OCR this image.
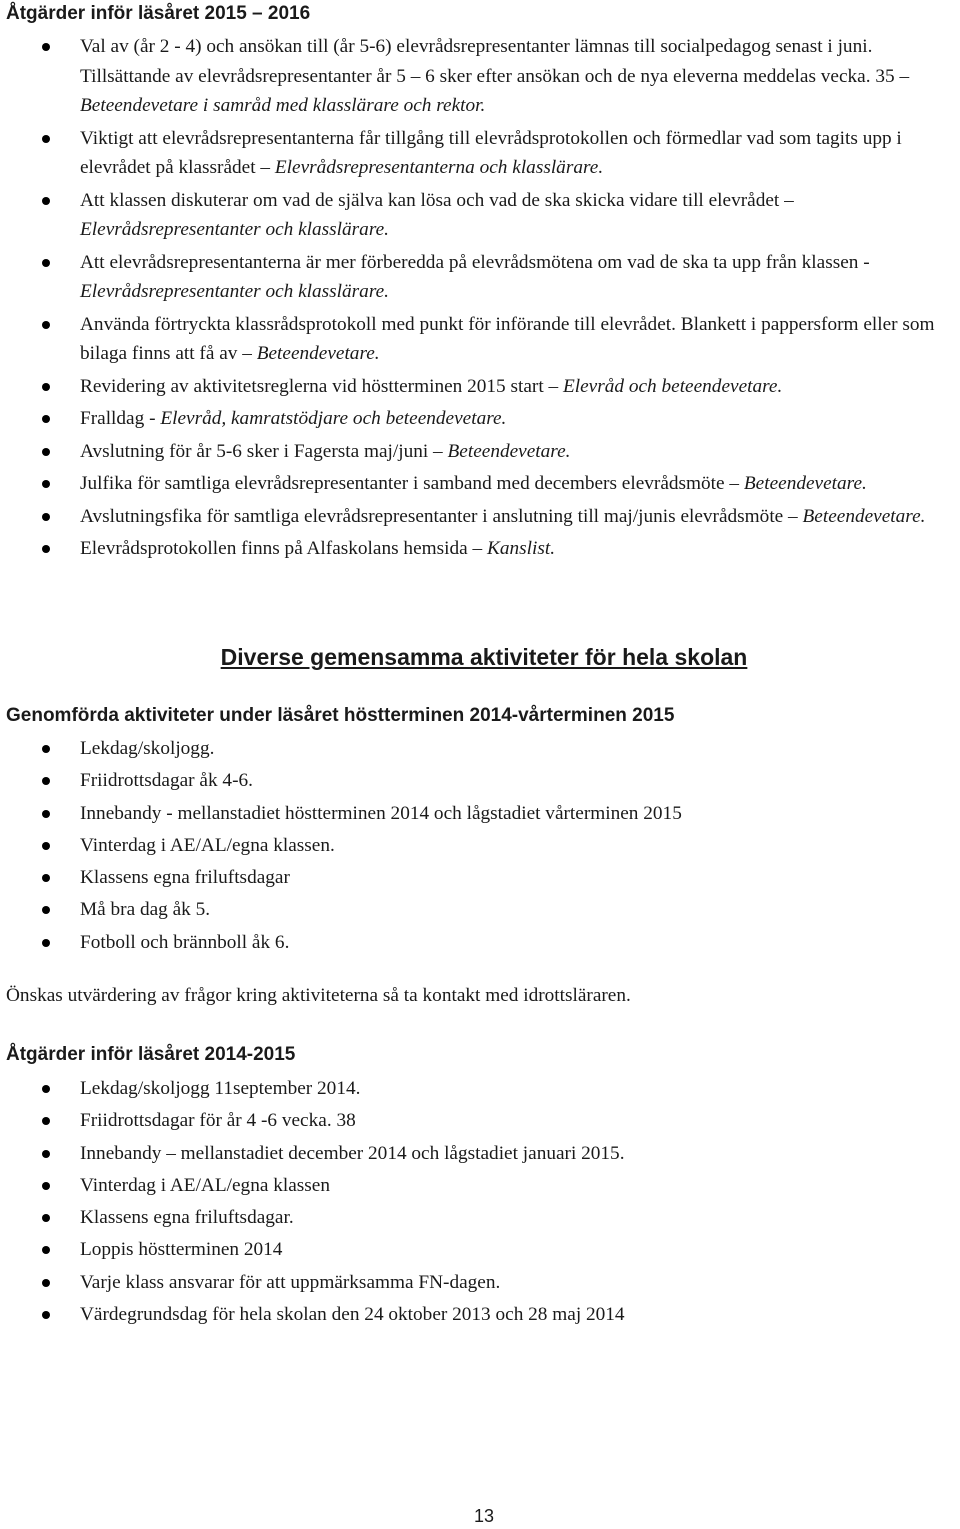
Åtgärder inför läsåret 2015 – 2016
Val av (år 2 - 4) och ansökan till (år 5-6) elevrådsrepresentanter lämnas till socialpedagog senast i juni. Tillsättande av elevrådsrepresentanter år 5 – 6 sker efter ansökan och de nya eleverna meddelas vecka. 35 – Beteendevetare i samråd med klasslärare och rektor.
Viktigt att elevrådsrepresentanterna får tillgång till elevrådsprotokollen och förmedlar vad som tagits upp i elevrådet på klassrådet – Elevrådsrepresentanterna och klasslärare.
Att klassen diskuterar om vad de själva kan lösa och vad de ska skicka vidare till elevrådet – Elevrådsrepresentanter och klasslärare.
Att elevrådsrepresentanterna är mer förberedda på elevrådsmötena om vad de ska ta upp från klassen - Elevrådsrepresentanter och klasslärare.
Använda förtryckta klassrådsprotokoll med punkt för införande till elevrådet. Blankett i pappersform eller som bilaga finns att få av – Beteendevetare.
Revidering av aktivitetsreglerna vid höstterminen 2015 start – Elevråd och beteendevetare.
Fralldag - Elevråd, kamratstödjare och beteendevetare.
Avslutning för år 5-6 sker i Fagersta maj/juni – Beteendevetare.
Julfika för samtliga elevrådsrepresentanter i samband med decembers elevrådsmöte – Beteendevetare.
Avslutningsfika för samtliga elevrådsrepresentanter i anslutning till maj/junis elevrådsmöte – Beteendevetare.
Elevrådsprotokollen finns på Alfaskolans hemsida – Kanslist.
Diverse gemensamma aktiviteter för hela skolan
Genomförda aktiviteter under läsåret höstterminen 2014-vårterminen 2015
Lekdag/skoljogg.
Friidrottsdagar åk 4-6.
Innebandy - mellanstadiet höstterminen 2014 och lågstadiet vårterminen 2015
Vinterdag i AE/AL/egna klassen.
Klassens egna friluftsdagar
Må bra dag åk 5.
Fotboll och brännboll åk 6.

Önskas utvärdering av frågor kring aktiviteterna så ta kontakt med idrottsläraren.

Åtgärder inför läsåret 2014-2015
Lekdag/skoljogg 11september 2014.
Friidrottsdagar för år 4 -6 vecka. 38
Innebandy – mellanstadiet december 2014 och lågstadiet januari 2015.
Vinterdag i AE/AL/egna klassen
Klassens egna friluftsdagar.
Loppis höstterminen 2014
Varje klass ansvarar för att uppmärksamma FN-dagen.
Värdegrundsdag för hela skolan den 24 oktober 2013 och 28 maj 2014

13
